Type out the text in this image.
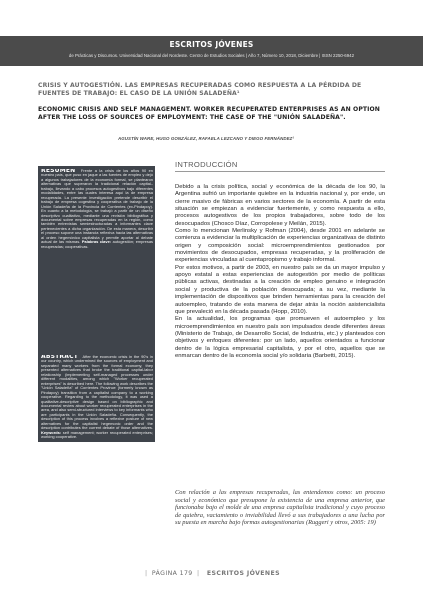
ESCRITOS JÓVENES
de Prácticas y Discursos. Universidad Nacional del Nordeste. Centro de Estudios Sociales | Año 7, Número 10, 2018, Diciembre | ISSN 2250-6942
CRISIS Y AUTOGESTIÓN. LAS EMPRESAS RECUPERADAS COMO RESPUESTA A LA PÉRDIDA DE FUENTES DE TRABAJO: EL CASO DE LA UNIÓN SALADEÑA¹
ECONOMIC CRISIS AND SELF MANAGEMENT. WORKER RECUPERATED ENTERPRISES AS AN OPTION AFTER THE LOSS OF SOURCES OF EMPLOYMENT: THE CASE OF THE "UNIÓN SALADEÑA".
AGUSTÍN WARE, HUGO GONZÁLEZ, RAFAELA LEZCANO Y DIEGO FERNÁNDEZ¹
RESUMEN Frente a la crisis de los años 90 en nuestro país, que puso en jaque a las fuentes de empleo y dejó a algunos trabajadores de la economía formal, se plantearon alternativas que superaron la tradicional relación capital–trabajo, llevando a cabo procesos autogestivos bajo diferentes modalidades, entre las cuales interesa aquí la de empresa recuperada. La presente investigación pretende describir el trabajo de empresa cogestiva y cooperativa de trabajo de la Unión Saladeña de la Provincia de Corrientes (ex-Pindapoy). En cuanto a la metodología, se trabajó a partir de un diseño descriptivo cualitativo, mediante una revisión bibliográfica y documental sobre empresas recuperadas en la región, como también entrevistas semiestructuradas a informantes clave pertenecientes a dicha organización. De esta manera, describir el proceso supone una instancia reflexiva hacia las alternativas al orden hegemónico capitalista y permite aportar al debate actual de las mismas. Palabras clave: autogestión; empresas recuperadas; cooperativas.
ABSTRACT After the economic crisis in the 90's in our country, which undermined the sources of employment and separated many workers from the formal economy, they presented alternatives that broke the traditional capital-labor relationship (implementing self-managed processes under different modalities, among which "Worker recuperated enterprises" is described here. The following work describes the "Unión Saladeña" of Corrientes Province (formerly known as Pindapoy) transition from a capitalist company to a working cooperative. Regarding to the methodology, it was used a qualitative-descriptive design based on bibliographic and documental review about worker recuperated enterprises in the area, and also semi-structured interviews to key informants who are participants in the Unión Saladeña. Consequently, the description of this process involves a reflexive posture of new alternatives for the capitalist hegemonic order and the description contributes the current debate of those alternatives. Keywords: self management; worker recuperated enterprises; working cooperative.
INTRODUCCIÓN

Debido a la crisis política, social y económica de la década de los 90, la Argentina sufrió un importante quiebre en la industria nacional y, por ende, un cierre masivo de fábricas en varios sectores de la economía. A partir de esta situación se empiezan a evidenciar fuertemente, y como respuesta a ello, procesos autogestivos de los propios trabajadores, sobre todo de los desocupados (Chosco Díaz, Corropolese y Meilán, 2015).

Como lo mencionan Merlinsky y Rofman (2004), desde 2001 en adelante se comienza a evidenciar la multiplicación de experiencias organizativas de distinto origen y composición social: microemprendimientos gestionados por movimientos de desocupados, empresas recuperadas, y la proliferación de experiencias vinculadas al cuentapropismo y trabajo informal.

Por estos motivos, a partir de 2003, en nuestro país se da un mayor impulso y apoyo estatal a estas experiencias de autogestión por medio de políticas públicas activas, destinadas a la creación de empleo genuino e integración social y productiva de la población desocupada; a su vez, mediante la implementación de dispositivos que brinden herramientas para la creación del autoempleo, tratando de esta manera de dejar atrás la noción asistencialista que prevaleció en la década pasada (Hopp, 2010).

En la actualidad, los programas que promueven el autoempleo y los microemprendimientos en nuestro país son impulsados desde diferentes áreas (Ministerio de Trabajo, de Desarrollo Social, de Industria, etc.) y planteados con objetivos y enfoques diferentes: por un lado, aquellos orientados a funcionar dentro de la lógica empresarial capitalista, y por el otro, aquellos que se enmarcan dentro de la economía social y/o solidaria (Barbetti, 2015).

Con relación a las empresas recuperadas, las entendemos como: un proceso social y económico que presupone la existencia de una empresa anterior, que funcionaba bajo el molde de una empresa capitalista tradicional y cuyo proceso de quiebra, vaciamiento o inviabilidad llevó a sus trabajadores a una lucha por su puesta en marcha bajo formas autogestionarias (Ruggeri y otros, 2005: 19)
| PÁGINA 179 | ESCRITOS JÓVENES
